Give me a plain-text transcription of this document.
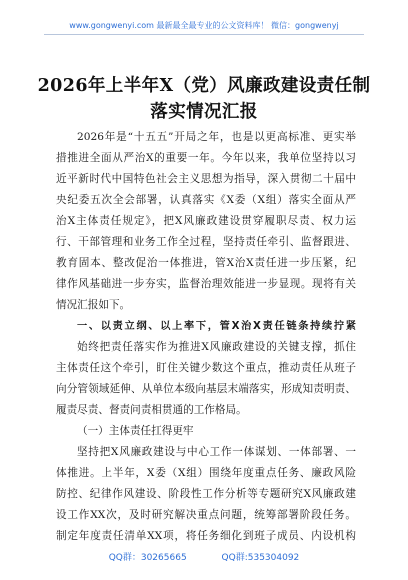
www.gongwenyi.com 最新最全最专业的公文资料库！ 微信：gongwenyj
2026年上半年X（党）风廉政建设责任制
落实情况汇报
2026年是“十五五”开局之年，也是以更高标准、更实举
措推进全面从严治X的重要一年。今年以来，我单位坚持以习
近平新时代中国特色社会主义思想为指导，深入贯彻二十届中
央纪委五次全会部署，认真落实《X委（X组）落实全面从严
治X主体责任规定》，把X风廉政建设贯穿履职尽责、权力运
行、干部管理和业务工作全过程，坚持责任牵引、监督跟进、
教育固本、整改促治一体推进，管X治X责任进一步压紧，纪
律作风基础进一步夯实，监督治理效能进一步显现。现将有关
情况汇报如下。
一、以责立纲、以上率下，管X治X责任链条持续拧紧
始终把责任落实作为推进X风廉政建设的关键支撑，抓住
主体责任这个牵引，盯住关键少数这个重点，推动责任从班子
向分管领域延伸、从单位本级向基层末端落实，形成知责明责、
履责尽责、督责问责相贯通的工作格局。
（一）主体责任扛得更牢
坚持把X风廉政建设与中心工作一体谋划、一体部署、一
体推进。上半年，X委（X组）围绕年度重点任务、廉政风险
防控、纪律作风建设、阶段性工作分析等专题研究X风廉政建
设工作XX次，及时研究解决重点问题，统筹部署阶段任务。
制定年度责任清单XX项，将任务细化到班子成员、内设机构
QQ群：30265665	QQ群:535304092
